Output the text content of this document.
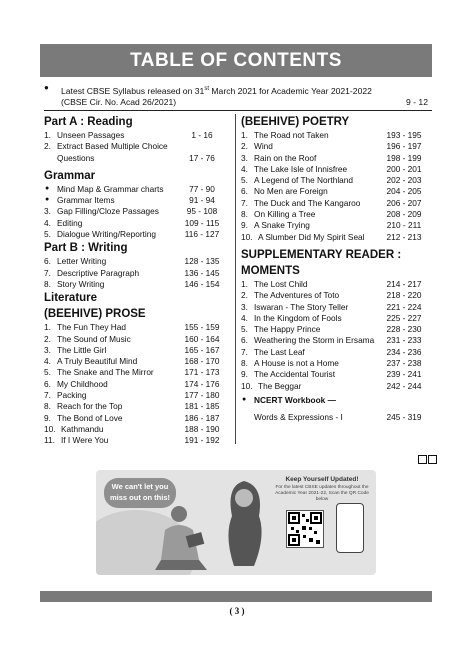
TABLE OF CONTENTS
● Latest CBSE Syllabus released on 31st March 2021 for Academic Year 2021-2022
(CBSE Cir. No. Acad 26/2021)	9 - 12
Part A : Reading
1. Unseen Passages	1 - 16
2. Extract Based Multiple Choice Questions	17 - 76
Grammar
● Mind Map & Grammar charts	77 - 90
● Grammar Items	91 - 94
3. Gap Filling/Cloze Passages	95 - 108
4. Editing	109 - 115
5. Dialogue Writing/Reporting	116 - 127
Part B : Writing
6. Letter Writing	128 - 135
7. Descriptive Paragraph	136 - 145
8. Story Writing	146 - 154
Literature
(BEEHIVE) PROSE
1. The Fun They Had	155 - 159
2. The Sound of Music	160 - 164
3. The Little Girl	165 - 167
4. A Truly Beautiful Mind	168 - 170
5. The Snake and The Mirror	171 - 173
6. My Childhood	174 - 176
7. Packing	177 - 180
8. Reach for the Top	181 - 185
9. The Bond of Love	186 - 187
10. Kathmandu	188 - 190
11. If I Were You	191 - 192
(BEEHIVE) POETRY
1. The Road not Taken	193 - 195
2. Wind	196 - 197
3. Rain on the Roof	198 - 199
4. The Lake Isle of Innisfree	200 - 201
5. A Legend of The Northland	202 - 203
6. No Men are Foreign	204 - 205
7. The Duck and The Kangaroo	206 - 207
8. On Killing a Tree	208 - 209
9. A Snake Trying	210 - 211
10. A Slumber Did My Spirit Seal	212 - 213
SUPPLEMENTARY READER :
MOMENTS
1. The Lost Child	214 - 217
2. The Adventures of Toto	218 - 220
3. Iswaran - The Story Teller	221 - 224
4. In the Kingdom of Fools	225 - 227
5. The Happy Prince	228 - 230
6. Weathering the Storm in Ersama	231 - 233
7. The Last Leaf	234 - 236
8. A House is not a Home	237 - 238
9. The Accidental Tourist	239 - 241
10. The Beggar	242 - 244
● NCERT Workbook —
Words & Expressions - I	245 - 319
We can't let you miss out on this!
Keep Yourself Updated!
For the latest CBSE updates throughout the Academic Year 2021-22, Scan the QR Code below
( 3 )
